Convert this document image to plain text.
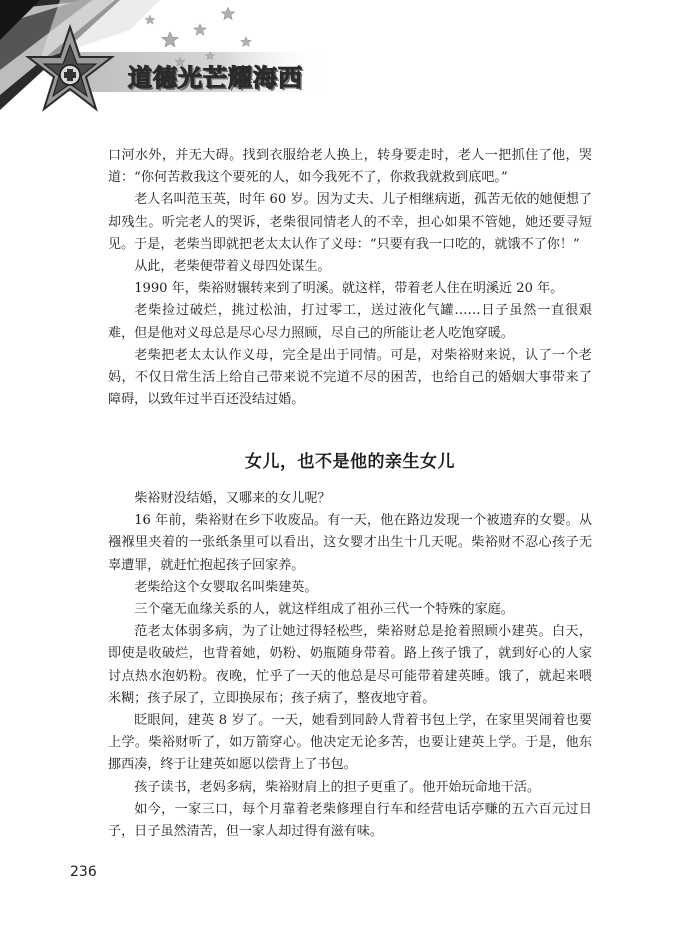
道德光芒耀海西

口河水外，并无大碍。找到衣服给老人换上，转身要走时，老人一把抓住了他，哭道：“你何苦救我这个要死的人，如今我死不了，你救我就救到底吧。”

老人名叫范玉英，时年 60 岁。因为丈夫、儿子相继病逝，孤苦无依的她便想了却残生。听完老人的哭诉，老柴很同情老人的不幸，担心如果不管她，她还要寻短见。于是，老柴当即就把老太太认作了义母：“只要有我一口吃的，就饿不了你！”

从此，老柴便带着义母四处谋生。

1990 年，柴裕财辗转来到了明溪。就这样，带着老人住在明溪近 20 年。

老柴捡过破烂，挑过松油，打过零工，送过液化气罐……日子虽然一直很艰难，但是他对义母总是尽心尽力照顾，尽自己的所能让老人吃饱穿暖。

老柴把老太太认作义母，完全是出于同情。可是，对柴裕财来说，认了一个老妈，不仅日常生活上给自己带来说不完道不尽的困苦，也给自己的婚姻大事带来了障碍，以致年过半百还没结过婚。

女儿，也不是他的亲生女儿

柴裕财没结婚，又哪来的女儿呢？

16 年前，柴裕财在乡下收废品。有一天，他在路边发现一个被遗弃的女婴。从襁褓里夹着的一张纸条里可以看出，这女婴才出生十几天呢。柴裕财不忍心孩子无辜遭罪，就赶忙抱起孩子回家养。

老柴给这个女婴取名叫柴建英。

三个毫无血缘关系的人，就这样组成了祖孙三代一个特殊的家庭。

范老太体弱多病，为了让她过得轻松些，柴裕财总是抢着照顾小建英。白天，即使是收破烂，也背着她，奶粉、奶瓶随身带着。路上孩子饿了，就到好心的人家讨点热水泡奶粉。夜晚，忙乎了一天的他总是尽可能带着建英睡。饿了，就起来喂米糊；孩子尿了，立即换尿布；孩子病了，整夜地守着。

眨眼间，建英 8 岁了。一天，她看到同龄人背着书包上学，在家里哭闹着也要上学。柴裕财听了，如万箭穿心。他决定无论多苦，也要让建英上学。于是，他东挪西凑，终于让建英如愿以偿背上了书包。

孩子读书，老妈多病，柴裕财肩上的担子更重了。他开始玩命地干活。

如今，一家三口，每个月靠着老柴修理自行车和经营电话亭赚的五六百元过日子，日子虽然清苦，但一家人却过得有滋有味。

236
